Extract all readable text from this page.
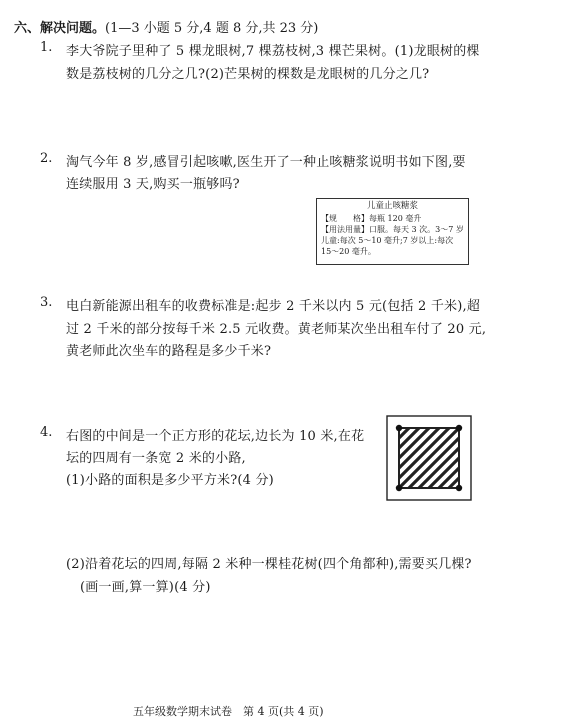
六、解决问题。(1—3 小题 5 分,4 题 8 分,共 23 分)
1. 李大爷院子里种了 5 棵龙眼树,7 棵荔枝树,3 棵芒果树。(1)龙眼树的棵
数是荔枝树的几分之几?(2)芒果树的棵数是龙眼树的几分之几?
2. 淘气今年 8 岁,感冒引起咳嗽,医生开了一种止咳糖浆说明书如下图,要
连续服用 3 天,购买一瓶够吗?
儿童止咳糖浆
【规　　格】每瓶 120 毫升
【用法用量】口服。每天 3 次。3～7 岁
儿童:每次 5～10 毫升;7 岁以上:每次
15～20 毫升。
3. 电白新能源出租车的收费标准是:起步 2 千米以内 5 元(包括 2 千米),超
过 2 千米的部分按每千米 2.5 元收费。黄老师某次坐出租车付了 20 元,
黄老师此次坐车的路程是多少千米?
4. 右图的中间是一个正方形的花坛,边长为 10 米,在花
坛的四周有一条宽 2 米的小路,
(1)小路的面积是多少平方米?(4 分)
(2)沿着花坛的四周,每隔 2 米种一棵桂花树(四个角都种),需要买几棵?
(画一画,算一算)(4 分)
五年级数学期末试卷　第 4 页(共 4 页)
